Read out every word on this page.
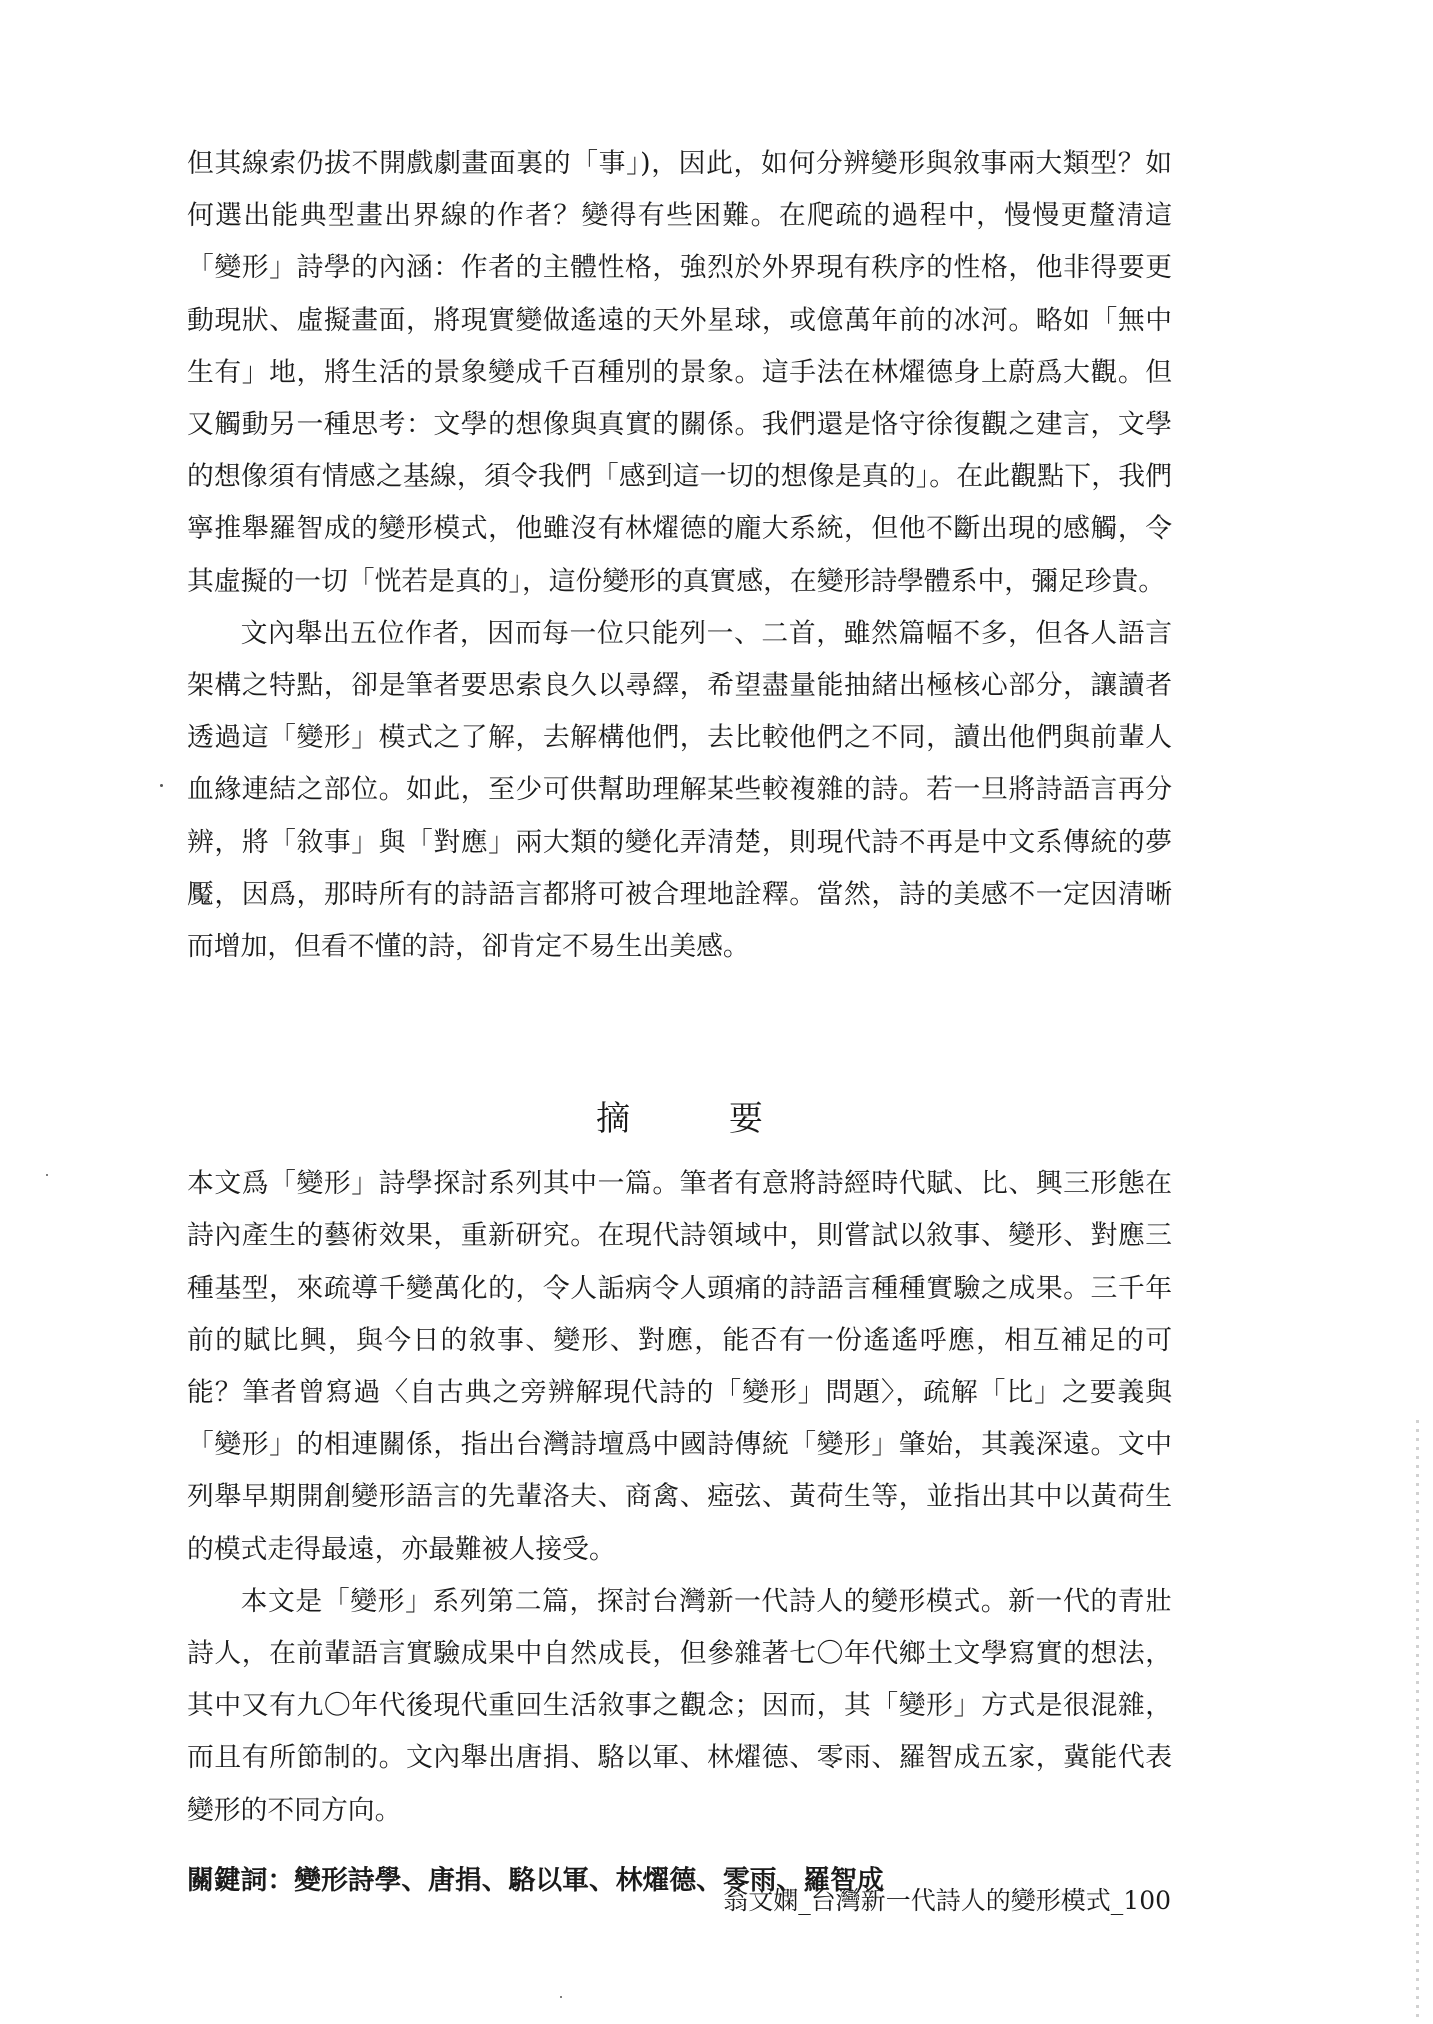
但其線索仍拔不開戲劇畫面裏的「事」)，因此，如何分辨變形與敘事兩大類型？如何選出能典型畫出界線的作者？變得有些困難。在爬疏的過程中，慢慢更釐清這「變形」詩學的內涵：作者的主體性格，強烈於外界現有秩序的性格，他非得要更動現狀、虛擬畫面，將現實變做遙遠的天外星球，或億萬年前的冰河。略如「無中生有」地，將生活的景象變成千百種別的景象。這手法在林燿德身上蔚爲大觀。但又觸動另一種思考：文學的想像與真實的關係。我們還是恪守徐復觀之建言，文學的想像須有情感之基線，須令我們「感到這一切的想像是真的」。在此觀點下，我們寧推舉羅智成的變形模式，他雖沒有林燿德的龐大系統，但他不斷出現的感觸，令其虛擬的一切「恍若是真的」，這份變形的真實感，在變形詩學體系中，彌足珍貴。

文內舉出五位作者，因而每一位只能列一、二首，雖然篇幅不多，但各人語言架構之特點，卻是筆者要思索良久以尋繹，希望盡量能抽緒出極核心部分，讓讀者透過這「變形」模式之了解，去解構他們，去比較他們之不同，讀出他們與前輩人血緣連結之部位。如此，至少可供幫助理解某些較複雜的詩。若一旦將詩語言再分辨，將「敘事」與「對應」兩大類的變化弄清楚，則現代詩不再是中文系傳統的夢魘，因爲，那時所有的詩語言都將可被合理地詮釋。當然，詩的美感不一定因清晰而增加，但看不懂的詩，卻肯定不易生出美感。

摘 要

本文爲「變形」詩學探討系列其中一篇。筆者有意將詩經時代賦、比、興三形態在詩內產生的藝術效果，重新研究。在現代詩領域中，則嘗試以敘事、變形、對應三種基型，來疏導千變萬化的，令人詬病令人頭痛的詩語言種種實驗之成果。三千年前的賦比興，與今日的敘事、變形、對應，能否有一份遙遙呼應，相互補足的可能？筆者曾寫過〈自古典之旁辨解現代詩的「變形」問題〉，疏解「比」之要義與「變形」的相連關係，指出台灣詩壇爲中國詩傳統「變形」肇始，其義深遠。文中列舉早期開創變形語言的先輩洛夫、商禽、瘂弦、黃荷生等，並指出其中以黃荷生的模式走得最遠，亦最難被人接受。

本文是「變形」系列第二篇，探討台灣新一代詩人的變形模式。新一代的青壯詩人，在前輩語言實驗成果中自然成長，但參雜著七〇年代鄉土文學寫實的想法，其中又有九〇年代後現代重回生活敘事之觀念；因而，其「變形」方式是很混雜，而且有所節制的。文內舉出唐捐、駱以軍、林燿德、零雨、羅智成五家，冀能代表變形的不同方向。

關鍵詞：變形詩學、唐捐、駱以軍、林燿德、零雨、羅智成
翁文嫻_台灣新一代詩人的變形模式_100
